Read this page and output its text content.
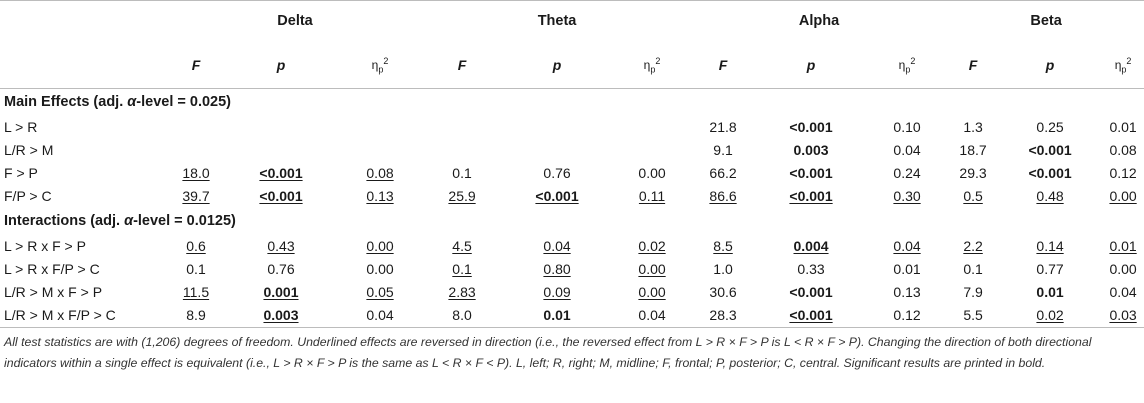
	Delta			Theta			Alpha			Beta		
	F	p	$\eta_p^2$	F	p	$\eta_p^2$	F	p	$\eta_p^2$	F	p	$\eta_p^2$
Main Effects (adj. α-level = 0.025)												
L > R							21.8	<0.001	0.10	1.3	0.25	0.01
L/R > M							9.1	0.003	0.04	18.7	<0.001	0.08
F > P	18.0	<0.001	0.08	0.1	0.76	0.00	66.2	<0.001	0.24	29.3	<0.001	0.12
F/P > C	39.7	<0.001	0.13	25.9	<0.001	0.11	86.6	<0.001	0.30	0.5	0.48	0.00
Interactions (adj. α-level = 0.0125)												
L > R x F > P	0.6	0.43	0.00	4.5	0.04	0.02	8.5	0.004	0.04	2.2	0.14	0.01
L > R x F/P > C	0.1	0.76	0.00	0.1	0.80	0.00	1.0	0.33	0.01	0.1	0.77	0.00
L/R > M x F > P	11.5	0.001	0.05	2.83	0.09	0.00	30.6	<0.001	0.13	7.9	0.01	0.04
L/R > M x F/P > C	8.9	0.003	0.04	8.0	0.01	0.04	28.3	<0.001	0.12	5.5	0.02	0.03
All test statistics are with (1,206) degrees of freedom. Underlined effects are reversed in direction (i.e., the reversed effect from L > R × F > P is L < R × F > P). Changing the direction of both directional indicators within a single effect is equivalent (i.e., L > R × F > P is the same as L < R × F < P). L, left; R, right; M, midline; F, frontal; P, posterior; C, central. Significant results are printed in bold.
